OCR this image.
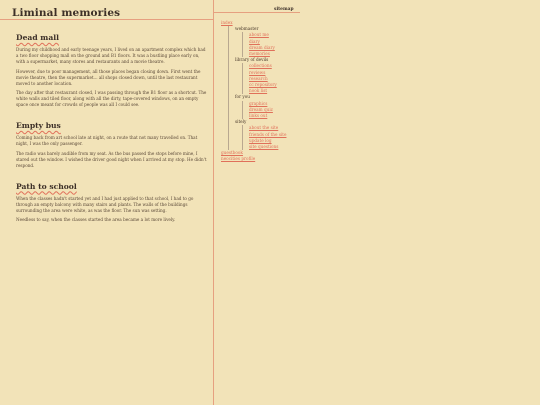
Liminal memories
Dead mall

During my childhood and early teenage years, I lived on an apartment complex which had a two floor shopping mall on the ground and B1 floors. It was a bustling place early on, with a supermarket, many stores and restaurants and a movie theatre.

However, due to poor management, all those places began closing down. First went the movie theatre, then the supermarket... all shops closed down, until the last restaurant moved to another location.

The day after that restaurant closed, I was passing through the B1 floor as a shortcut. The white walls and tiled floor, along with all the dirty, tape-covered windows, on an empty space once meant for crowds of people was all I could see.

Empty bus

Coming back from art school late at night, on a route that not many travelled on. That night, I was the only passenger.

The radio was barely audible from my seat. As the bus passed the stops before mine, I stared out the window. I wished the driver good night when I arrived at my stop. He didn't respond.

Path to school

When the classes hadn't started yet and I had just applied to that school, I had to go through an empty balcony with many stairs and plants. The walls of the buildings surrounding the area were white, as was the floor. The sun was setting.

Needless to say, when the classes started the area became a lot more lively.

sitemap
index
webmaster
about me
diary
dream diary
memories
library of devils
collections
reviews
research
cc repository
nook list
for you
graphics
dream quiz
links out
sitely
about the site
friends of the site
update log
site questions
guestbook
neocities profile
